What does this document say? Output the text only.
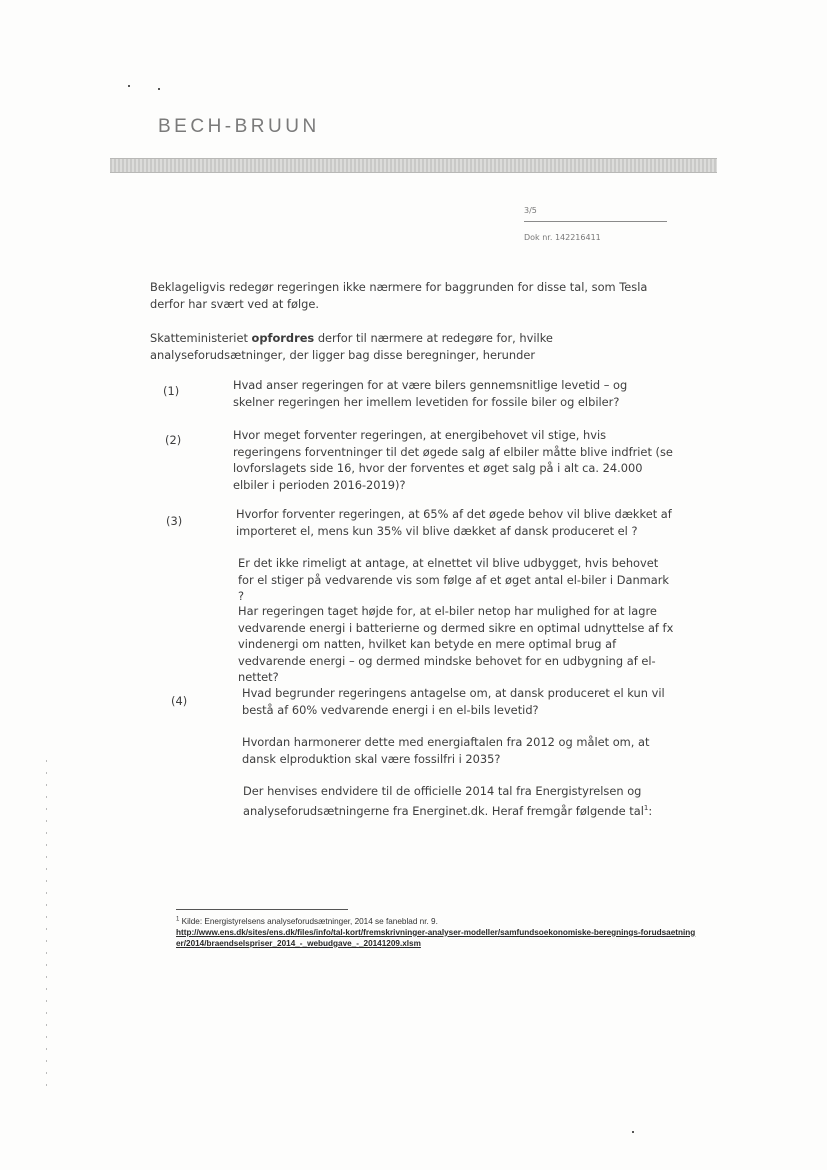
BECH-BRUUN
3/5
Dok nr. 142216411

Beklageligvis redegør regeringen ikke nærmere for baggrunden for disse tal, som Tesla derfor har svært ved at følge.

Skatteministeriet opfordres derfor til nærmere at redegøre for, hvilke analyseforudsætninger, der ligger bag disse beregninger, herunder

(1)	Hvad anser regeringen for at være bilers gennemsnitlige levetid – og skelner regeringen her imellem levetiden for fossile biler og elbiler?

(2)	Hvor meget forventer regeringen, at energibehovet vil stige, hvis regeringens forventninger til det øgede salg af elbiler måtte blive indfriet (se lovforslagets side 16, hvor der forventes et øget salg på i alt ca. 24.000 elbiler i perioden 2016-2019)?

(3)	Hvorfor forventer regeringen, at 65% af det øgede behov vil blive dækket af importeret el, mens kun 35% vil blive dækket af dansk produceret el ?

Er det ikke rimeligt at antage, at elnettet vil blive udbygget, hvis behovet for el stiger på vedvarende vis som følge af et øget antal el-biler i Danmark ?

Har regeringen taget højde for, at el-biler netop har mulighed for at lagre vedvarende energi i batterierne og dermed sikre en optimal udnyttelse af fx vindenergi om natten, hvilket kan betyde en mere optimal brug af vedvarende energi – og dermed mindske behovet for en udbygning af el-nettet?

(4)

Hvad begrunder regeringens antagelse om, at dansk produceret el kun vil bestå af 60% vedvarende energi i en el-bils levetid?

Hvordan harmonerer dette med energiaftalen fra 2012 og målet om, at dansk elproduktion skal være fossilfri i 2035?

Der henvises endvidere til de officielle 2014 tal fra Energistyrelsen og analyseforudsætningerne fra Energinet.dk. Heraf fremgår følgende tal$^1$:

$^1$ Kilde: Energistyrelsens analyseforudsætninger, 2014 se faneblad nr. 9.
http://www.ens.dk/sites/ens.dk/files/info/tal-kort/fremskrivninger-analyser-modeller/samfundsoekonomiske-beregnings-forudsaetninger/2014/braendselspriser_2014_-_webudgave_-_20141209.xlsm
